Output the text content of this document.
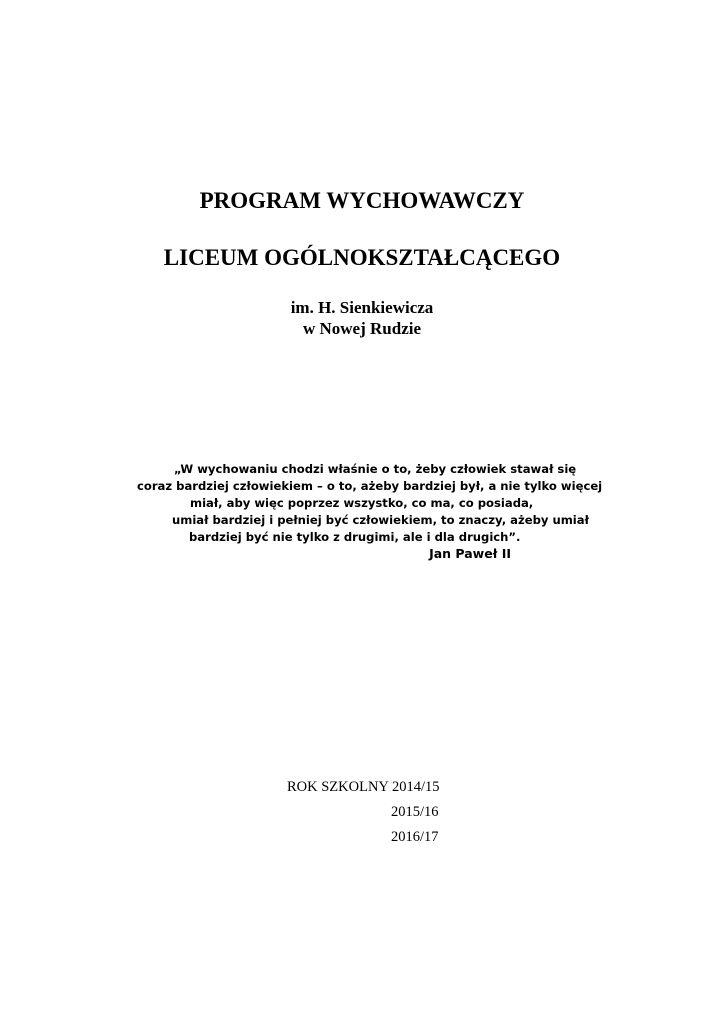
PROGRAM WYCHOWAWCZY
LICEUM OGÓLNOKSZTAŁCĄCEGO
im. H. Sienkiewicza
w Nowej Rudzie
„W wychowaniu chodzi właśnie o to, żeby człowiek stawał się
coraz bardziej człowiekiem – o to, ażeby bardziej był, a nie tylko więcej
miał, aby więc poprzez wszystko, co ma, co posiada,
umiał bardziej i pełniej być człowiekiem, to znaczy, ażeby umiał
bardziej być nie tylko z drugimi, ale i dla drugich”.
Jan Paweł II
ROK SZKOLNY 2014/15
2015/16
2016/17
